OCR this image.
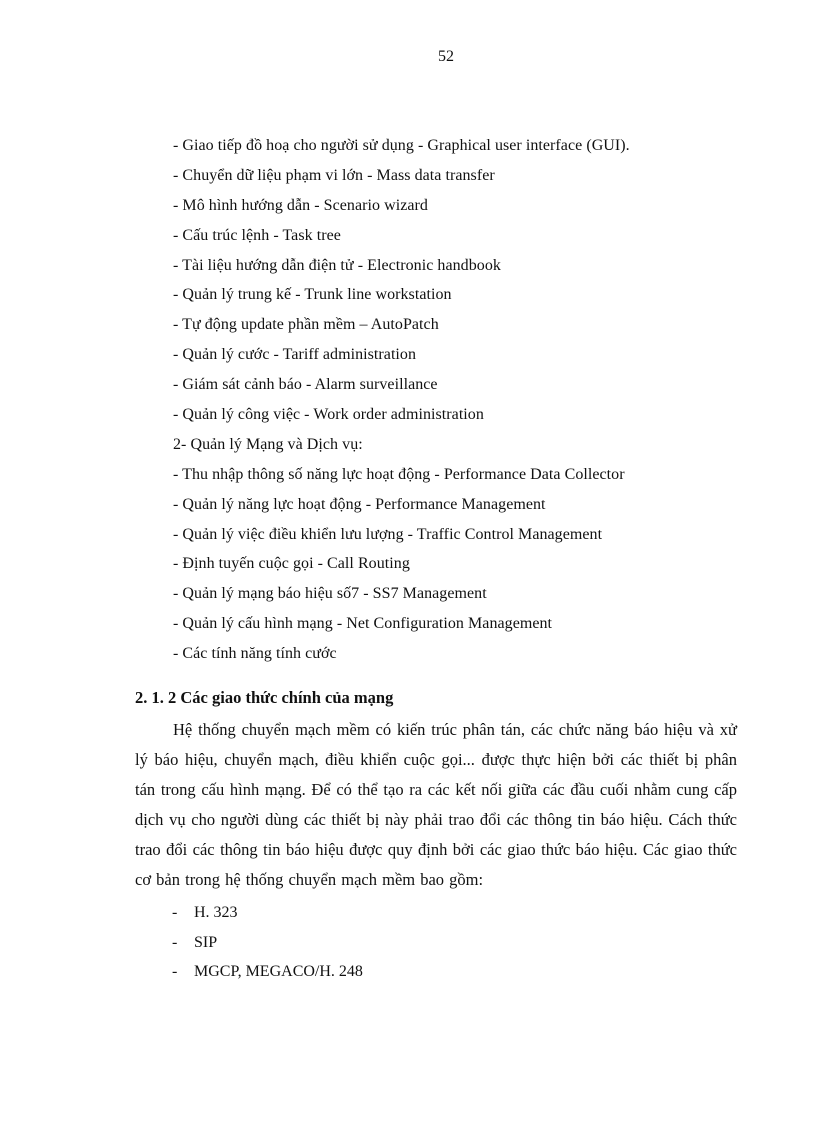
52
- Giao tiếp đồ hoạ cho người sử dụng - Graphical user interface (GUI).
- Chuyển dữ liệu phạm vi lớn - Mass data transfer
- Mô hình hướng dẫn - Scenario wizard
- Cấu trúc lệnh - Task tree
- Tài liệu hướng dẫn điện tử - Electronic handbook
- Quản lý trung kế - Trunk line workstation
- Tự động update phần mềm – AutoPatch
- Quản lý cước - Tariff administration
- Giám sát cảnh báo - Alarm surveillance
- Quản lý công việc - Work order administration
2- Quản lý Mạng và Dịch vụ:
- Thu nhập thông số năng lực hoạt động - Performance Data Collector
- Quản lý năng lực hoạt động - Performance Management
- Quản lý việc điều khiển lưu lượng - Traffic Control Management
- Định tuyến cuộc gọi - Call Routing
- Quản lý mạng báo hiệu số7 - SS7 Management
- Quản lý cấu hình mạng - Net Configuration Management
- Các tính năng tính cước
2. 1. 2 Các giao thức chính của mạng

Hệ thống chuyển mạch mềm có kiến trúc phân tán, các chức năng báo hiệu và xử lý báo hiệu, chuyển mạch, điều khiển cuộc gọi... được thực hiện bởi các thiết bị phân tán trong cấu hình mạng. Để có thể tạo ra các kết nối giữa các đầu cuối nhằm cung cấp dịch vụ cho người dùng các thiết bị này phải trao đổi các thông tin báo hiệu. Cách thức trao đổi các thông tin báo hiệu được quy định bởi các giao thức báo hiệu. Các giao thức cơ bản trong hệ thống chuyển mạch mềm bao gồm:

- H. 323
- SIP
- MGCP, MEGACO/H. 248
